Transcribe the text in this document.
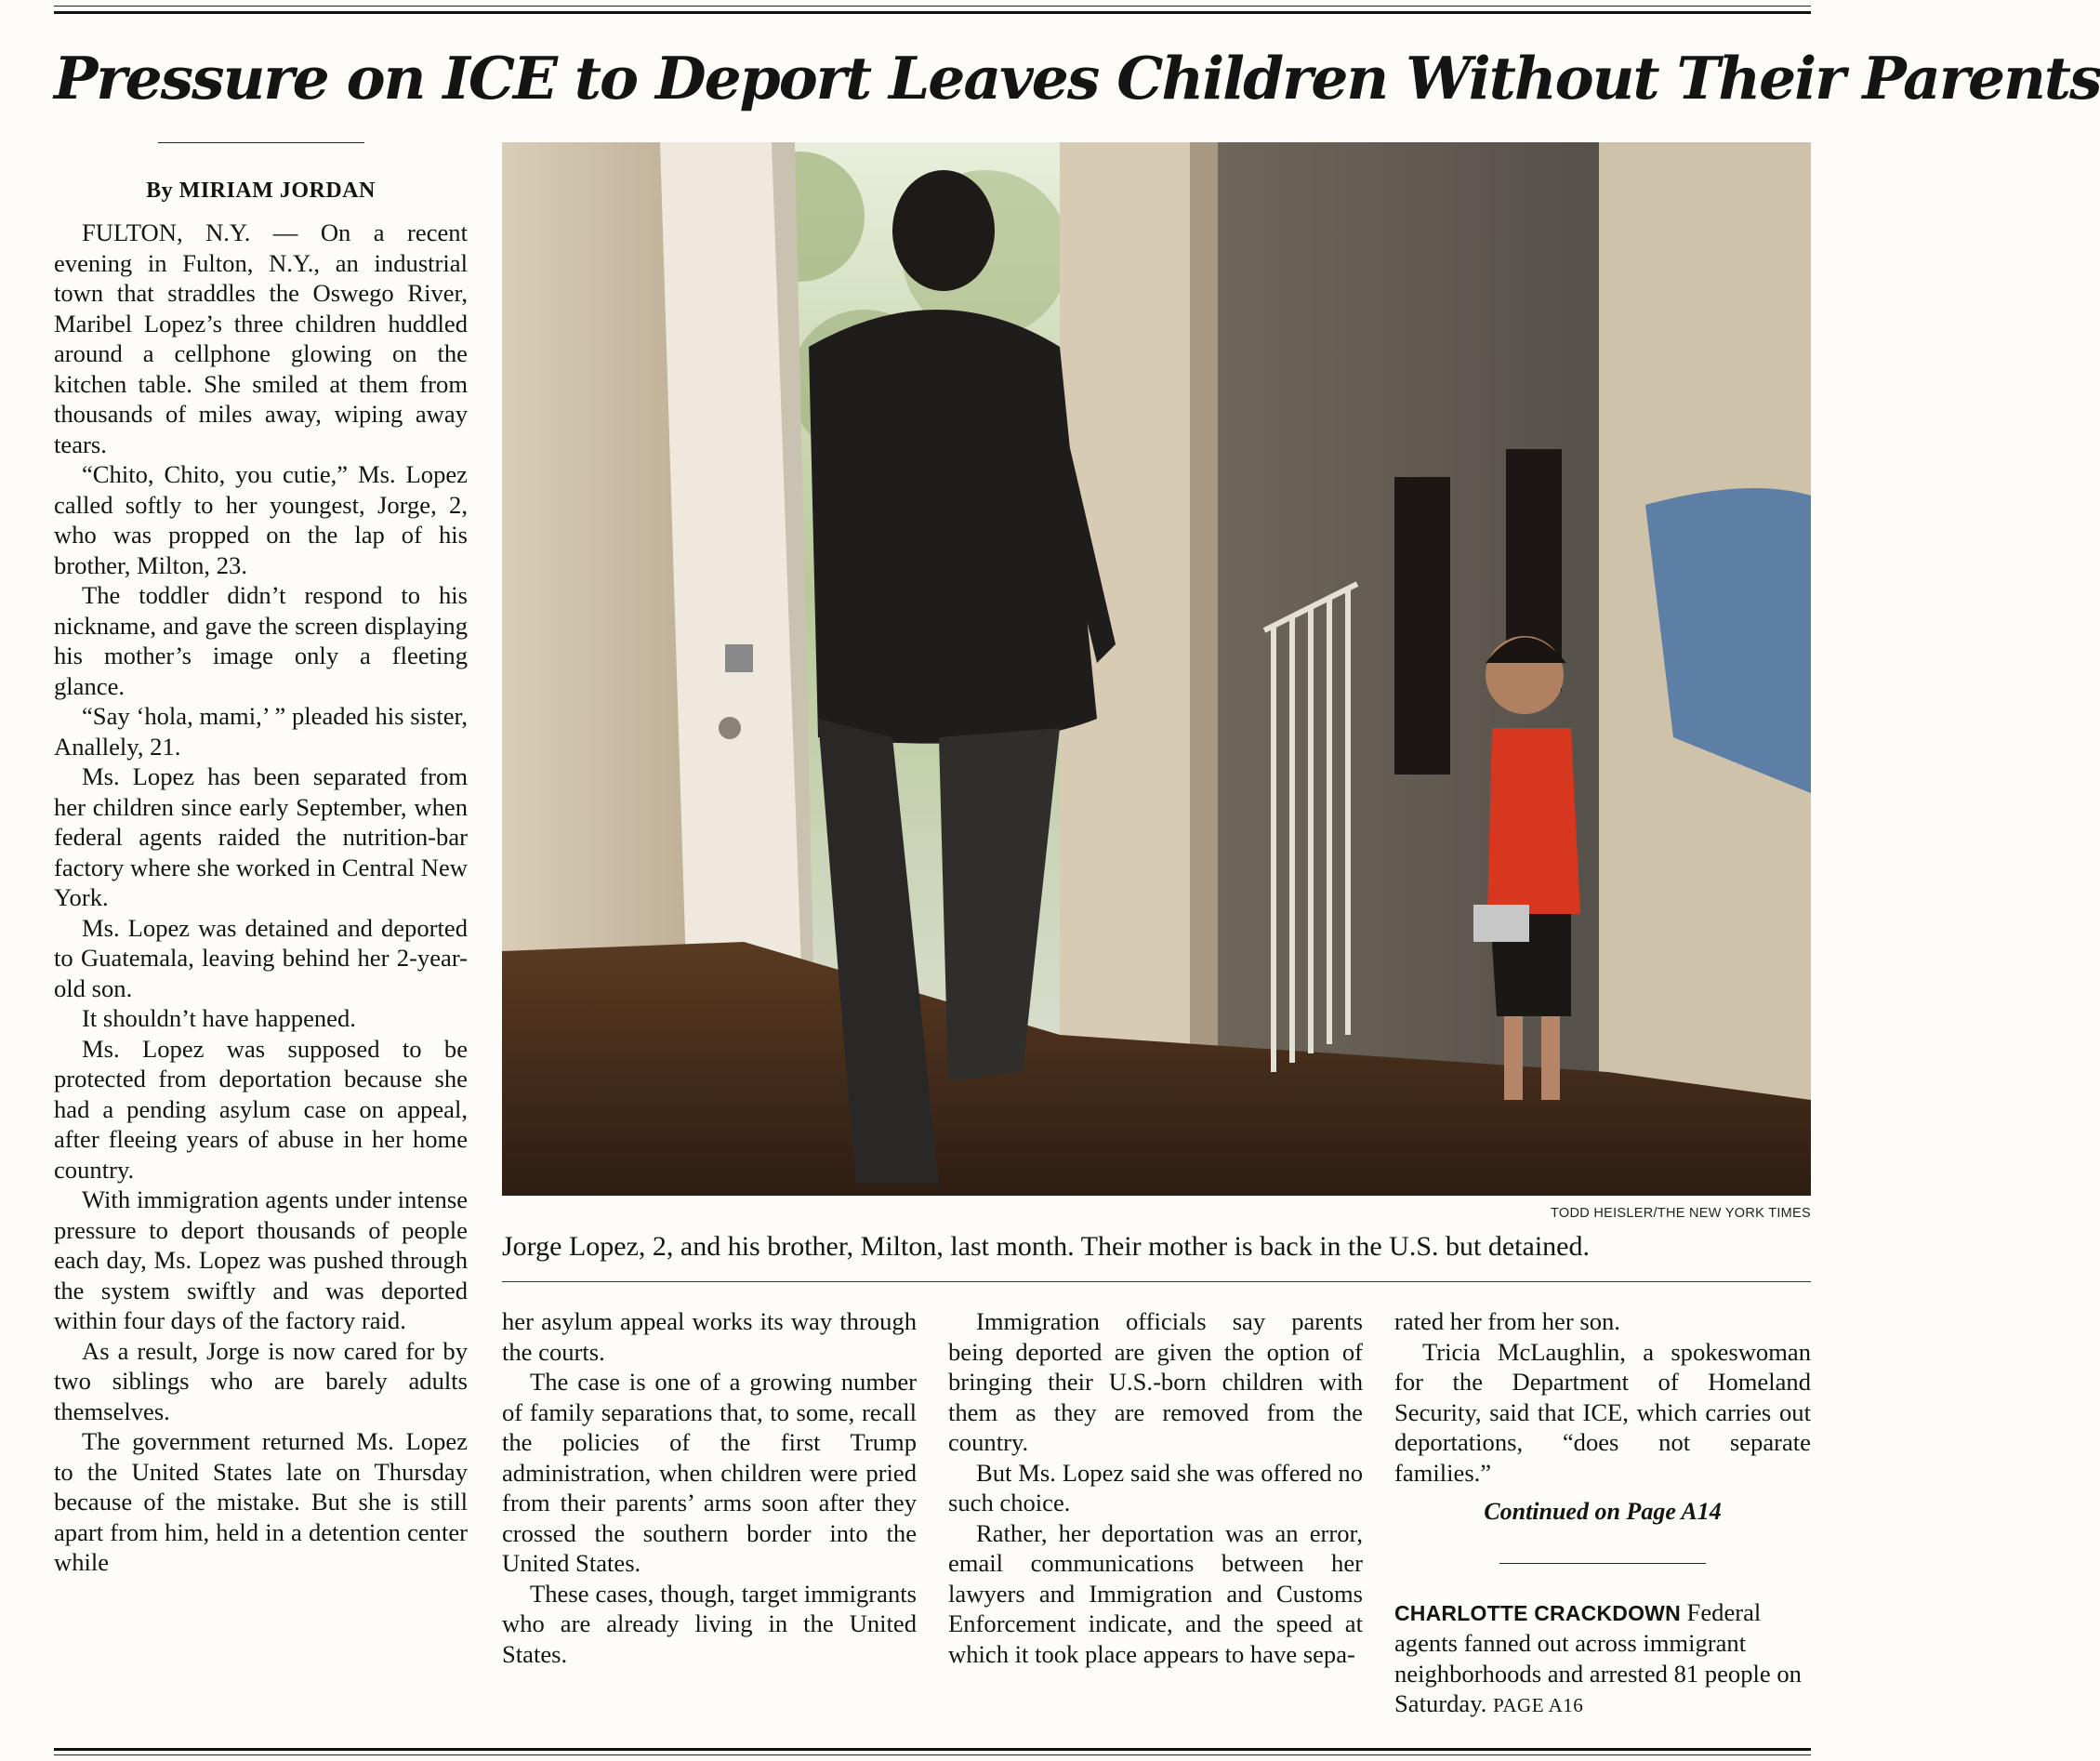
Pressure on ICE to Deport Leaves Children Without Their Parents
By MIRIAM JORDAN

FULTON, N.Y. — On a recent evening in Fulton, N.Y., an industrial town that straddles the Oswego River, Maribel Lopez’s three children huddled around a cellphone glowing on the kitchen table. She smiled at them from thousands of miles away, wiping away tears.

“Chito, Chito, you cutie,” Ms. Lopez called softly to her youngest, Jorge, 2, who was propped on the lap of his brother, Milton, 23.

The toddler didn’t respond to his nickname, and gave the screen displaying his mother’s image only a fleeting glance.

“Say ‘hola, mami,’ ” pleaded his sister, Anallely, 21.

Ms. Lopez has been separated from her children since early September, when federal agents raided the nutrition-bar factory where she worked in Central New York.

Ms. Lopez was detained and deported to Guatemala, leaving behind her 2-year-old son.

It shouldn’t have happened.

Ms. Lopez was supposed to be protected from deportation because she had a pending asylum case on appeal, after fleeing years of abuse in her home country.

With immigration agents under intense pressure to deport thousands of people each day, Ms. Lopez was pushed through the system swiftly and was deported within four days of the factory raid.

As a result, Jorge is now cared for by two siblings who are barely adults themselves.

The government returned Ms. Lopez to the United States late on Thursday because of the mistake. But she is still apart from him, held in a detention center while

TODD HEISLER/THE NEW YORK TIMES
Jorge Lopez, 2, and his brother, Milton, last month. Their mother is back in the U.S. but detained.

her asylum appeal works its way through the courts.

The case is one of a growing number of family separations that, to some, recall the policies of the first Trump administration, when children were pried from their parents’ arms soon after they crossed the southern border into the United States.

These cases, though, target immigrants who are already living in the United States.

Immigration officials say parents being deported are given the option of bringing their U.S.-born children with them as they are removed from the country.

But Ms. Lopez said she was offered no such choice.

Rather, her deportation was an error, email communications between her lawyers and Immigration and Customs Enforcement indicate, and the speed at which it took place appears to have sepa-

rated her from her son.

Tricia McLaughlin, a spokeswoman for the Department of Homeland Security, said that ICE, which carries out deportations, “does not separate families.”

Continued on Page A14

CHARLOTTE CRACKDOWN Federal agents fanned out across immigrant neighborhoods and arrested 81 people on Saturday. PAGE A16
